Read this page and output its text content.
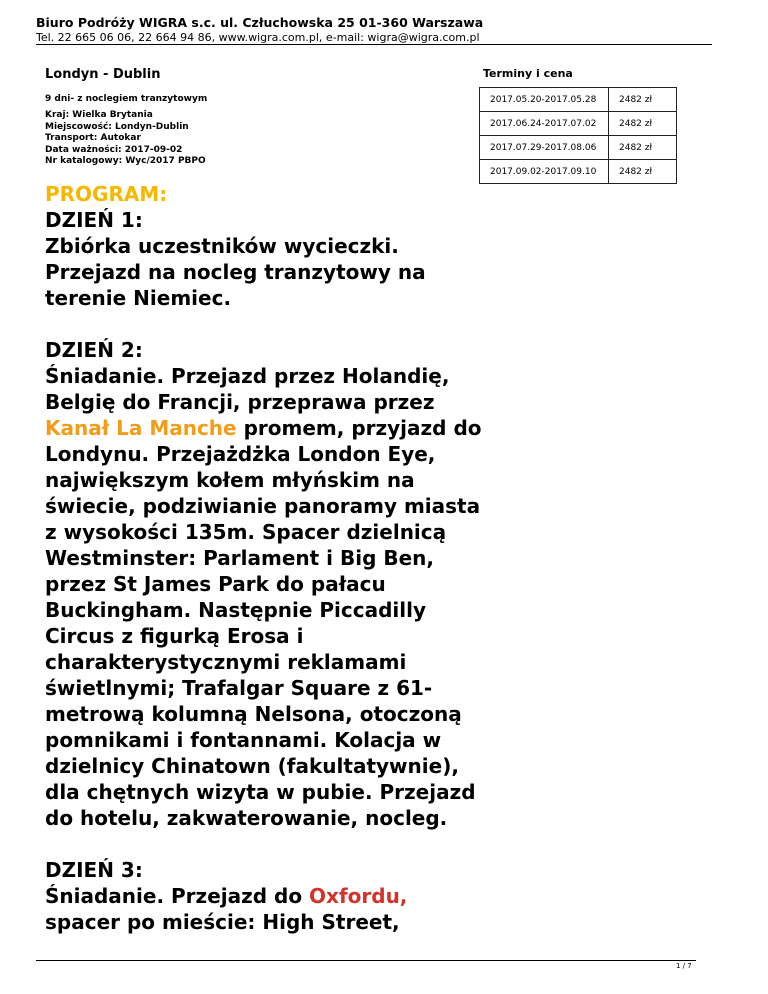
Biuro Podróży WIGRA s.c. ul. Człuchowska 25 01-360 Warszawa
Tel. 22 665 06 06, 22 664 94 86, www.wigra.com.pl, e-mail: wigra@wigra.com.pl
Londyn - Dublin
9 dni- z noclegiem tranzytowym
Kraj: Wielka Brytania
Miejscowość: Londyn-Dublin
Transport: Autokar
Data ważności: 2017-09-02
Nr katalogowy: Wyc/2017 PBPO
Terminy i cena
2017.05.20-2017.05.28	2482 zł
2017.06.24-2017.07.02	2482 zł
2017.07.29-2017.08.06	2482 zł
2017.09.02-2017.09.10	2482 zł
PROGRAM:

DZIEŃ 1:
Zbiórka uczestników wycieczki. Przejazd na nocleg tranzytowy na terenie Niemiec.

DZIEŃ 2:
Śniadanie. Przejazd przez Holandię, Belgię do Francji, przeprawa przez Kanał La Manche promem, przyjazd do Londynu. Przejażdżka London Eye, największym kołem młyńskim na świecie, podziwianie panoramy miasta z wysokości 135m. Spacer dzielnicą Westminster: Parlament i Big Ben, przez St James Park do pałacu Buckingham. Następnie Piccadilly Circus z figurką Erosa i charakterystycznymi reklamami świetlnymi; Trafalgar Square z 61-metrową kolumną Nelsona, otoczoną pomnikami i fontannami. Kolacja w dzielnicy Chinatown (fakultatywnie), dla chętnych wizyta w pubie. Przejazd do hotelu, zakwaterowanie, nocleg.

DZIEŃ 3:
Śniadanie. Przejazd do Oxfordu, spacer po mieście: High Street,

1 / 7
